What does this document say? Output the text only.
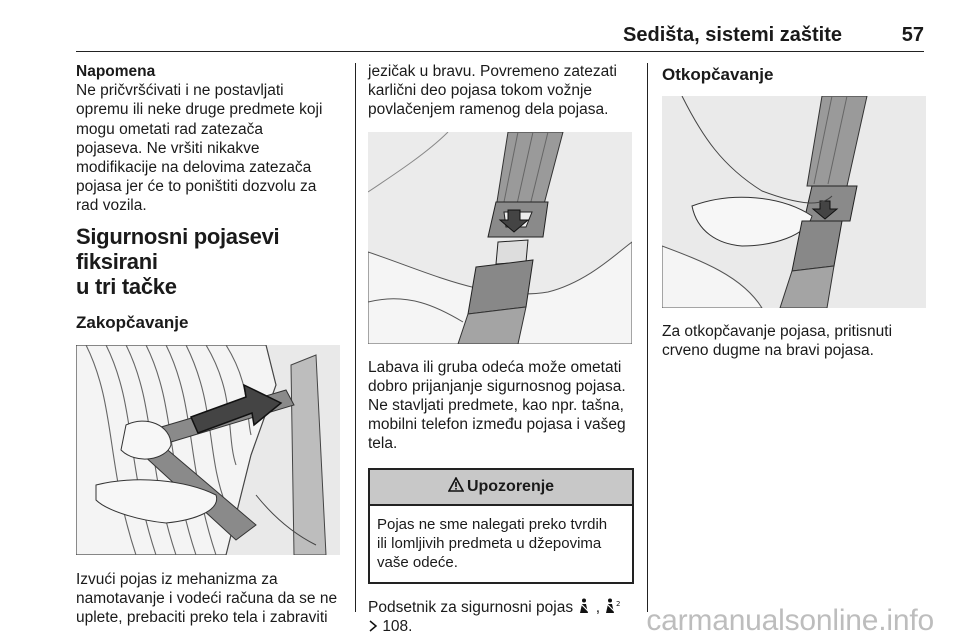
Sedišta, sistemi zaštite	57

Napomena

Ne pričvršćivati i ne postavljati

opremu ili neke druge predmete koji

mogu ometati rad zatezača

pojaseva. Ne vršiti nikakve

modifikacije na delovima zatezača

pojasa jer će to poništiti dozvolu za

rad vozila.

Sigurnosni pojasevi fiksirani
u tri tačke
Zakopčavanje

Izvući pojas iz mehanizma za

namotavanje i vodeći računa da se ne

uplete, prebaciti preko tela i zabraviti

jezičak u bravu. Povremeno zatezati

karlični deo pojasa tokom vožnje

povlačenjem ramenog dela pojasa.

Labava ili gruba odeća može ometati

dobro prijanjanje sigurnosnog pojasa.

Ne stavljati predmete, kao npr. tašna,

mobilni telefon između pojasa i vašeg

tela.

Upozorenje

Pojas ne sme nalegati preko tvrdih

ili lomljivih predmeta u džepovima

vaše odeće.

Podsetnik za sigurnosni pojas , 2

108.

Otkopčavanje

Za otkopčavanje pojasa, pritisnuti

crveno dugme na bravi pojasa.

carmanualsonline.info
